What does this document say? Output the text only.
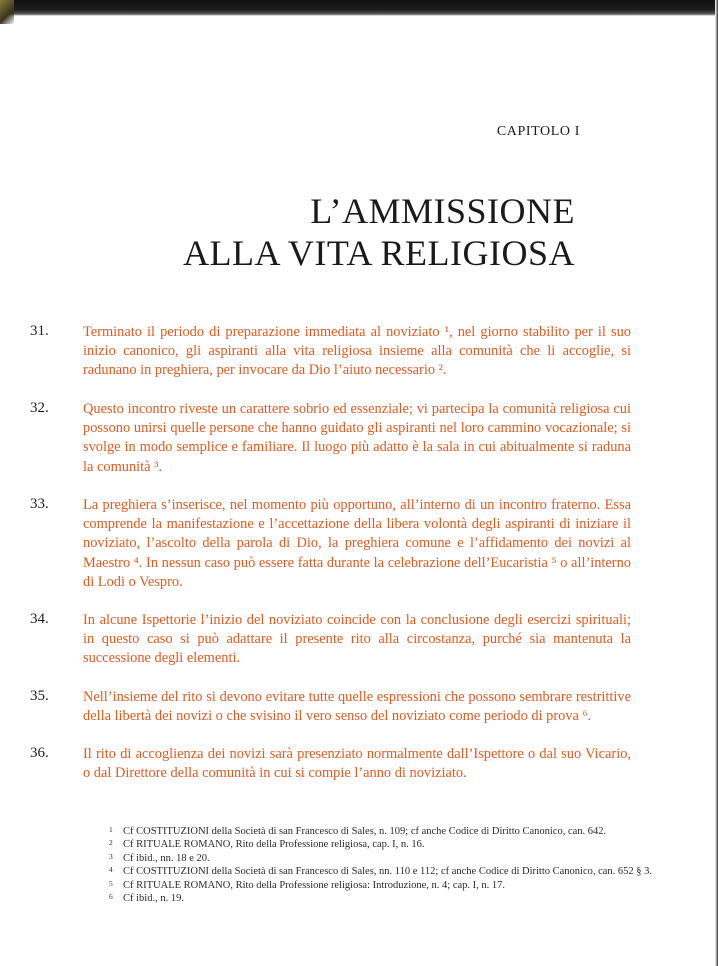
CAPITOLO I
L’AMMISSIONE
ALLA VITA RELIGIOSA
31.	Terminato il periodo di preparazione immediata al noviziato ¹, nel giorno stabilito per il suo inizio canonico, gli aspiranti alla vita religiosa insieme alla comunità che li accoglie, si radunano in preghiera, per invocare da Dio l’aiuto necessario ².
32.	Questo incontro riveste un carattere sobrio ed essenziale; vi partecipa la comunità religiosa cui possono unirsi quelle persone che hanno guidato gli aspiranti nel loro cammino vocazionale; si svolge in modo semplice e familiare. Il luogo più adatto è la sala in cui abitualmente si raduna la comunità ³.
33.	La preghiera s’inserisce, nel momento più opportuno, all’interno di un incontro fraterno. Essa comprende la manifestazione e l’accettazione della libera volontà degli aspiranti di iniziare il noviziato, l’ascolto della parola di Dio, la preghiera comune e l’affidamento dei novizi al Maestro ⁴. In nessun caso può essere fatta durante la celebrazione dell’Eucaristia ⁵ o all’interno di Lodi o Vespro.
34.	In alcune Ispettorie l’inizio del noviziato coincide con la conclusione degli esercizi spirituali; in questo caso si può adattare il presente rito alla circostanza, purché sia mantenuta la successione degli elementi.
35.	Nell’insieme del rito si devono evitare tutte quelle espressioni che possono sembrare restrittive della libertà dei novizi o che svisino il vero senso del noviziato come periodo di prova ⁶.
36.	Il rito di accoglienza dei novizi sarà presenziato normalmente dall’Ispettore o dal suo Vicario, o dal Direttore della comunità in cui si compie l’anno di noviziato.
1 Cf COSTITUZIONI della Società di san Francesco di Sales, n. 109; cf anche Codice di Diritto Canonico, can. 642.
2 Cf RITUALE ROMANO, Rito della Professione religiosa, cap. I, n. 16.
3 Cf ibid., nn. 18 e 20.
4 Cf COSTITUZIONI della Società di san Francesco di Sales, nn. 110 e 112; cf anche Codice di Diritto Canonico, can. 652 § 3.
5 Cf RITUALE ROMANO, Rito della Professione religiosa: Introduzione, n. 4; cap. I, n. 17.
6 Cf ibid., n. 19.
